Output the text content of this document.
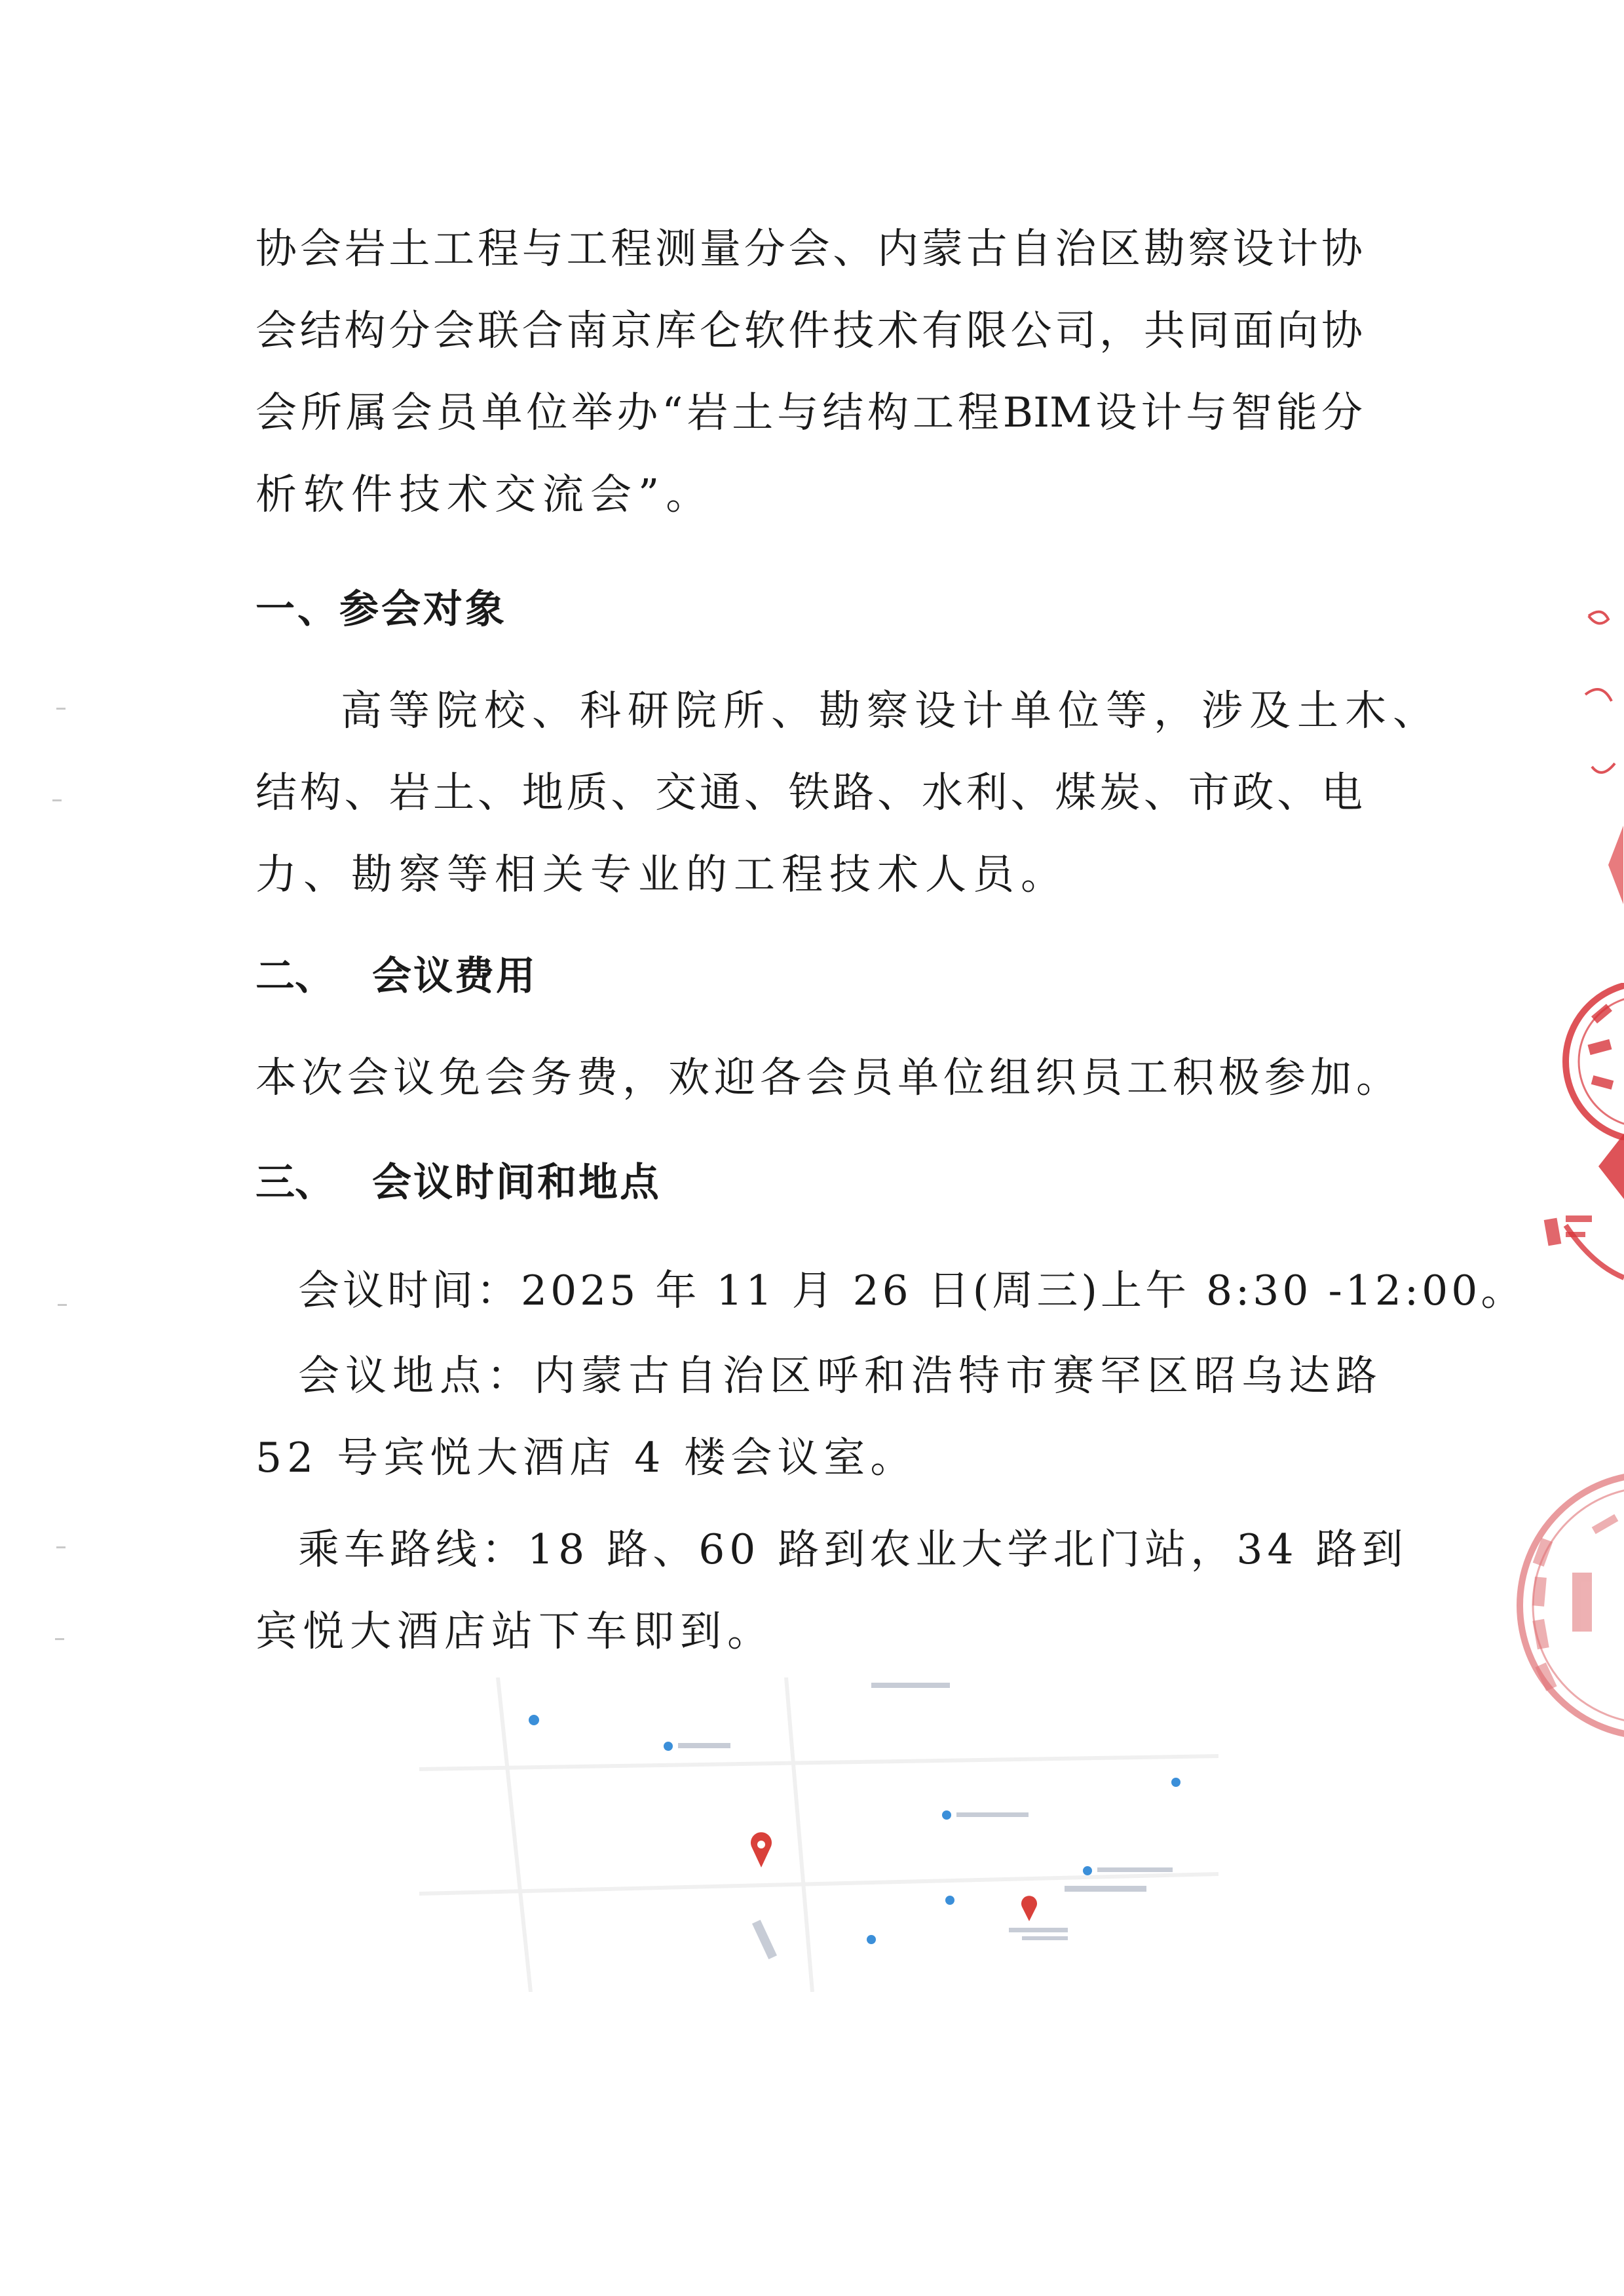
协会岩土工程与工程测量分会、内蒙古自治区勘察设计协
会结构分会联合南京库仑软件技术有限公司，共同面向协
会所属会员单位举办“岩土与结构工程BIM设计与智能分
析软件技术交流会”。
一、参会对象
高等院校、科研院所、勘察设计单位等，涉及土木、
结构、岩土、地质、交通、铁路、水利、煤炭、市政、电
力、勘察等相关专业的工程技术人员。
二、 会议费用
本次会议免会务费，欢迎各会员单位组织员工积极参加。
三、 会议时间和地点
会议时间：2025 年 11 月 26 日(周三)上午 8:30 -12:00。
会议地点：内蒙古自治区呼和浩特市赛罕区昭乌达路
52 号宾悦大酒店 4 楼会议室。
乘车路线：18 路、60 路到农业大学北门站，34 路到
宾悦大酒店站下车即到。
